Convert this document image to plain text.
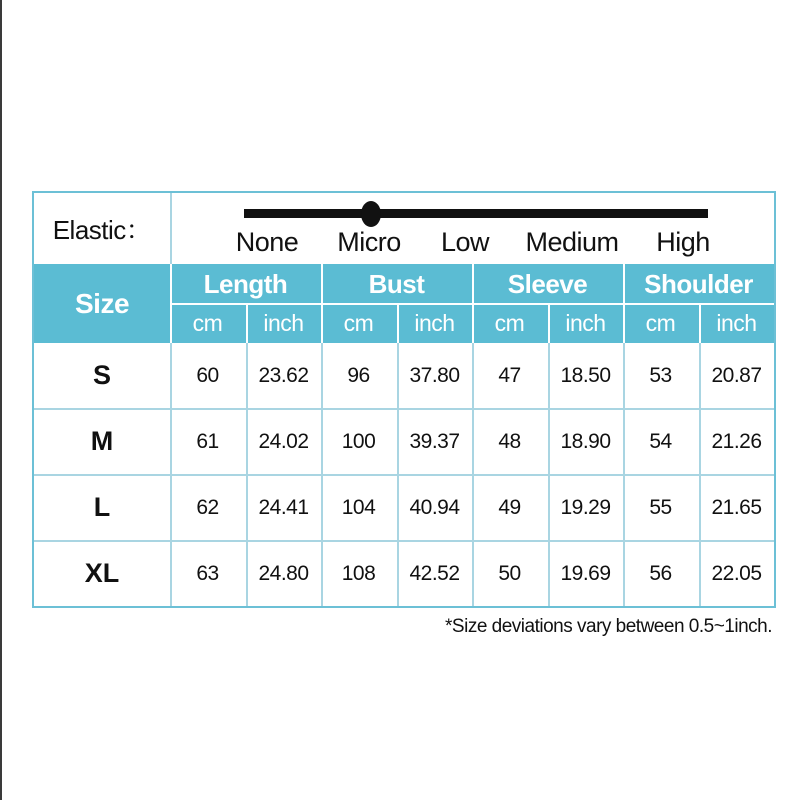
Elastic：	None Micro Low Medium High
Size
Length	Bust	Sleeve	Shoulder
cm	inch	cm	inch	cm	inch	cm	inch
S	60	23.62	96	37.80	47	18.50	53	20.87
M	61	24.02	100	39.37	48	18.90	54	21.26
L	62	24.41	104	40.94	49	19.29	55	21.65
XL	63	24.80	108	42.52	50	19.69	56	22.05
*Size deviations vary between 0.5~1inch.
